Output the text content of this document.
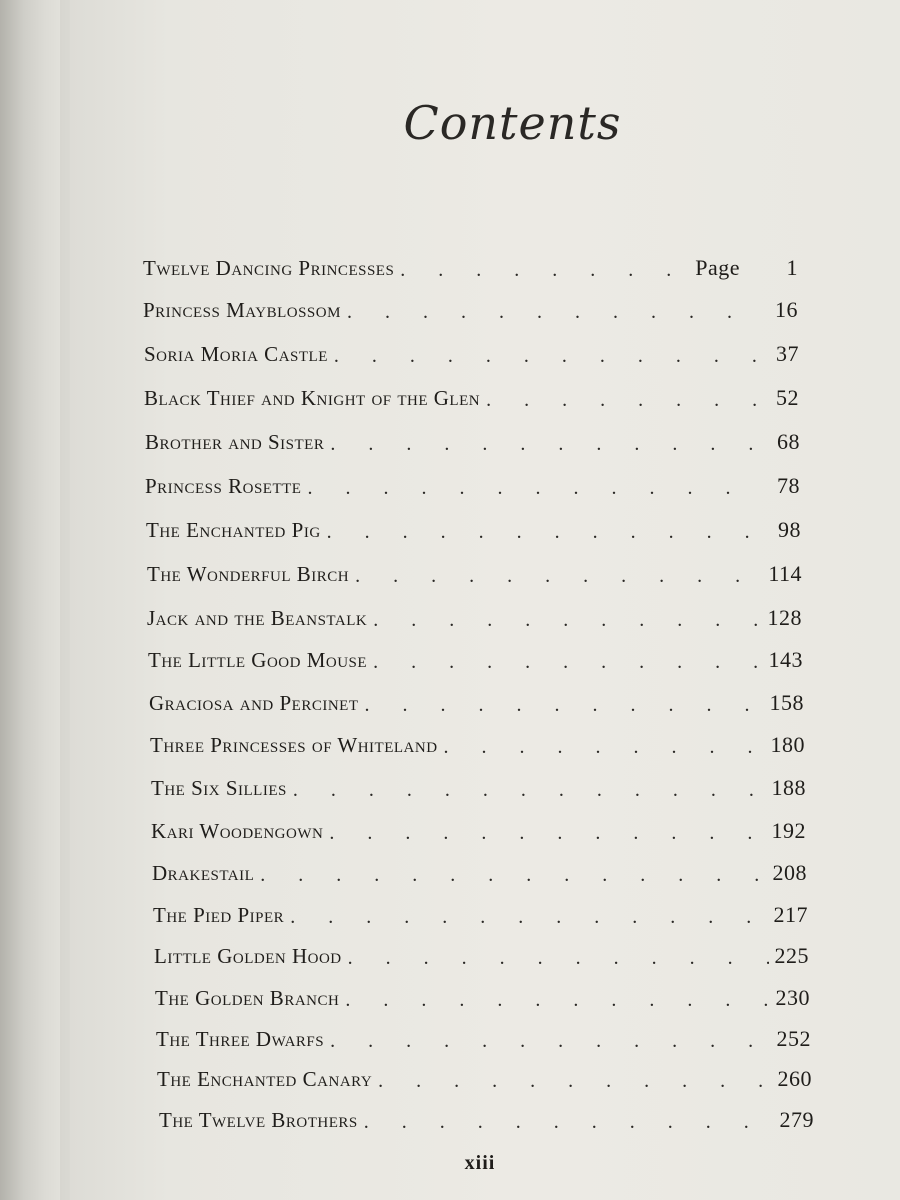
Contents
Twelve Dancing Princesses . . .	Page	1
Princess Mayblossom . . .	16
Soria Moria Castle . . .	37
Black Thief and Knight of the Glen . . .	52
Brother and Sister . . .	68
Princess Rosette . . .	78
The Enchanted Pig . . .	98
The Wonderful Birch . . .	114
Jack and the Beanstalk . . .	128
The Little Good Mouse . . .	143
Graciosa and Percinet . . .	158
Three Princesses of Whiteland . . .	180
The Six Sillies . . .	188
Kari Woodengown . . .	192
Drakestail . . .	208
The Pied Piper . . .	217
Little Golden Hood . . .	225
The Golden Branch . . .	230
The Three Dwarfs . . .	252
The Enchanted Canary . . .	260
The Twelve Brothers . . .	279
xiii
